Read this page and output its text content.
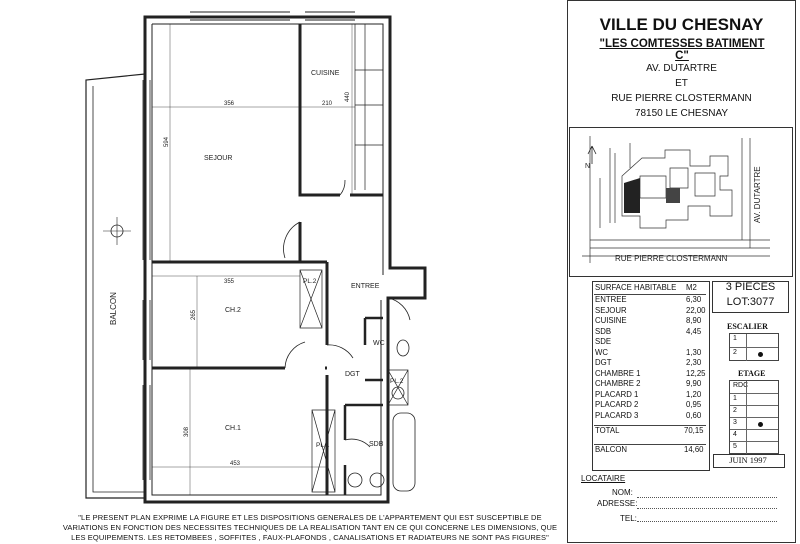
CUISINE
SEJOUR
CH.2
CH.1
ENTREE
WC
DGT
SDB
PL.1
PL.2
PL.2
BALCON
356	210
440
594
355
265
308
453
"LE PRESENT PLAN EXPRIME LA FIGURE ET LES DISPOSITIONS GENERALES DE L'APPARTEMENT QUI EST SUSCEPTIBLE DE VARIATIONS EN FONCTION DES NECESSITES TECHNIQUES DE LA REALISATION TANT EN CE QUI CONCERNE LES DIMENSIONS, QUE LES EQUIPEMENTS. LES RETOMBEES , SOFFITES , FAUX-PLAFONDS , CANALISATIONS ET RADIATEURS NE SONT PAS FIGURES"
VILLE DU CHESNAY
"LES COMTESSES BATIMENT C"
AV. DUTARTRE
ET
RUE PIERRE CLOSTERMANN
78150 LE CHESNAY
N	AV. DUTARTRE
RUE PIERRE CLOSTERMANN
SURFACE HABITABLE M2
ENTREE	6,30
SEJOUR	22,00
CUISINE	8,90
SDB	4,45
SDE
WC	1,30
DGT	2,30
CHAMBRE 1	12,25
CHAMBRE 2	9,90
PLACARD 1	1,20
PLACARD 2	0,95
PLACARD 3	0,60
TOTAL	70,15
BALCON	14,60
3 PIECES
LOT:3077
ESCALIER
1
2
ETAGE
RDC
1
2
3
4
5
JUIN 1997
LOCATAIRE
NOM:
ADRESSE:
TEL:
